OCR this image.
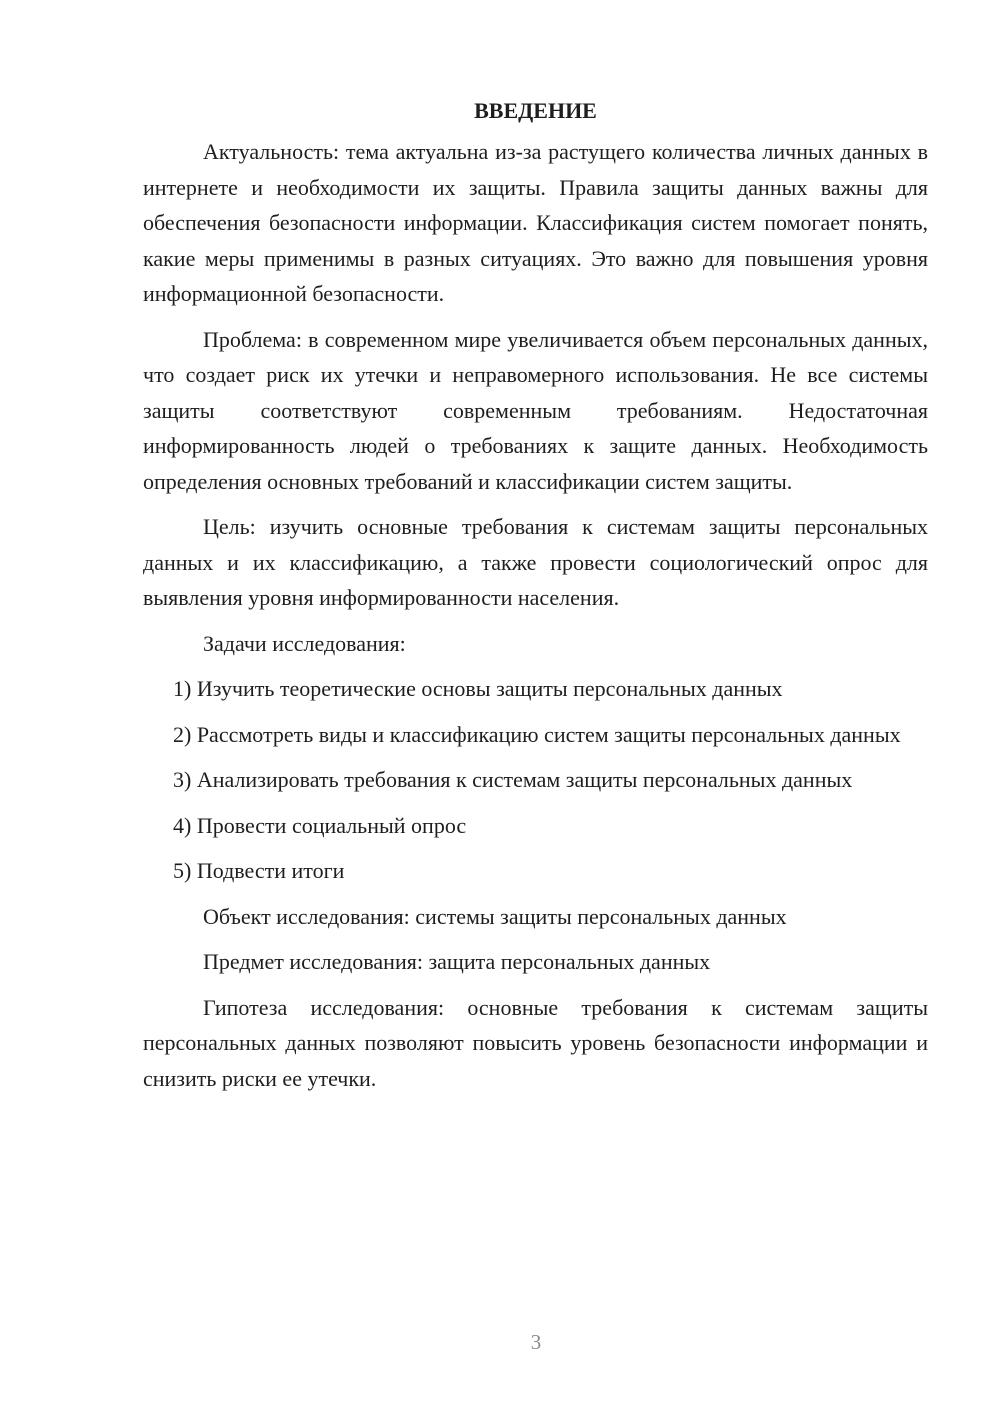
ВВЕДЕНИЕ

Актуальность: тема актуальна из-за растущего количества личных данных в интернете и необходимости их защиты. Правила защиты данных важны для обеспечения безопасности информации. Классификация систем помогает понять, какие меры применимы в разных ситуациях. Это важно для повышения уровня информационной безопасности.

Проблема: в современном мире увеличивается объем персональных данных, что создает риск их утечки и неправомерного использования. Не все системы защиты соответствуют современным требованиям. Недостаточная информированность людей о требованиях к защите данных. Необходимость определения основных требований и классификации систем защиты.

Цель: изучить основные требования к системам защиты персональных данных и их классификацию, а также провести социологический опрос для выявления уровня информированности населения.

Задачи исследования:

1) Изучить теоретические основы защиты персональных данных

2) Рассмотреть виды и классификацию систем защиты персональных данных

3) Анализировать требования к системам защиты персональных данных

4) Провести социальный опрос

5) Подвести итоги

Объект исследования: системы защиты персональных данных

Предмет исследования: защита персональных данных

Гипотеза исследования: основные требования к системам защиты персональных данных позволяют повысить уровень безопасности информации и снизить риски ее утечки.

3
